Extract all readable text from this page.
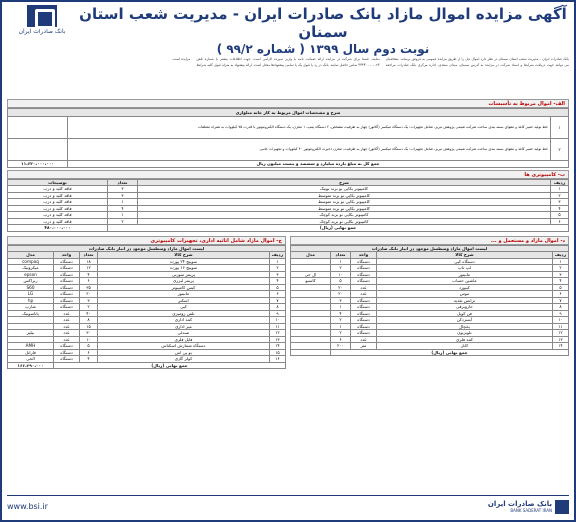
آگهی مزایده اموال مازاد بانک صادرات ایران - مدیریت شعب استان سمنان
نوبت دوم سال ۱۳۹۹ ( شماره ۹۹/۲ )
بانک صادرات ایران
بانک صادرات ایران - مدیریت شعب استان سمنان در نظر دارد اموال ذیل را از طریق مزایده عمومی به فروش برساند. متقاضیان می توانند جهت دریافت شرایط و اسناد شرکت در مزایده به آدرس سمنان، میدان سعدی، اداره مرکزی بانک صادرات مراجعه نمایند. ضمنا برای شرکت در مزایده ارائه ضمانت نامه یا واریز سپرده الزامی است. جهت اطلاعات بیشتر با شماره تلفن ۰۲۳-۳۳۴۴۰۰۰۰ تماس حاصل نمایند. بانک در رد یا قبول یک یا تمامی پیشنهادها مختار است. ارائه پیشنهاد به منزله قبول کلیه شرایط مزایده است.
الف- اموال مربوط به تأسیسات
شرح و مشخصات اموال مربوط به کار خانه متلوازی		
۱	خط تولید خمیر کاغذ و مقوای بسته بندی ساخت شرکت شیمی پژوهش تبریز، شامل تجهیزات: یک دستگاه میکسر (آکاتور) چهار به ظرفیت مشخص، ۲ دستگاه پمپ، ۱ مخزن، یک دستگاه الکتروموتور با قدرت ۷۵ کیلووات به همراه متعلقات	
۲	خط تولید خمیر کاغذ و مقوای بسته بندی ساخت شرکت شیمی پژوهش تبریز، شامل تجهیزات: یک دستگاه میکسر (آکاتور) چهار به ظرفیت، مخزن ذخیره، الکتروموتور ۴۰ کیلووات و تجهیزات جانبی	
جمع کل به مبلغ یازده میلیارد و ششصد و بیست میلیون ریال		۱۱،۶۲۰،۰۰۰،۰۰۰
ب- کامپیوتری ها
ردیف	شرح	تعداد	توضیحات
۱	کامپیوتر بکاپی نو برند نوبیک	۳	فاقد کلید و درب
۲	کامپیوتر بکاپی نو برند متوسط	۳	فاقد کلید و درب
۳	کامپیوتر بکاپی نو برند متوسط	۱	فاقد کلید و درب
۴	کامپیوتر بکاپی نو برند متوسط	۴	فاقد کلید و درب
۵	کامپیوتر بکاپی نو برند کوچک	۱	فاقد کلید و درب
۶	کامپیوتر بکاپی نو برند کوچک	۲	فاقد کلید و درب
جمع نهایی (ریال)			۴۸۰،۰۰۰،۰۰۰
د- اموال مازاد و مستعمل و ...
لیست اموال مازاد وسطسل موجود در انبار بانک صادرات				
ردیف	شرح کالا	واحد	تعداد	مدل
۱	دستگاه کپی	دستگاه	۱	
۲	لپ تاپ	دستگاه	۲	
۳	مانیتور	دستگاه	۱۰	ال جی
۴	ماشین حساب	دستگاه	۵	کاسیو
۵	کیبورد	عدد	۲۰	
۶	موس	عدد	۲۰	
۷	ترانس تغذیه	دستگاه	۳	
۸	جاروبرقی	دستگاه	۱	
۹	فن کویل	دستگاه	۴	
۱۰	آبسردکن	دستگاه	۲	
۱۱	یخچال	دستگاه	۱	
۱۲	تلویزیون	دستگاه	۲	
۱۳	کمد فلزی	عدد	۶	
۱۴	کابل	متر	۲۰۰	
جمع نهایی (ریال)				
ج- اموال مازاد شامل اثاثیه اداری، تجهیزات کامپیوتری
لیست اموال مازاد وسطسل موجود در انبار بانک صادرات				
ردیف	شرح کالا	تعداد	واحد	مدل
۱	سوییچ ۲۴ پورت	۱۸	دستگاه	compaq
۲	سوییچ ۱۶ پورت	۱۲	دستگاه	میکروتیک
۳	پرینتر سوزنی	۴	دستگاه	epson
۴	پرینتر لیزری	۶	دستگاه	زیراکس
۵	کیس کامپیوتر	۳۵	دستگاه	S60
۶	مانیتور	۲۰	دستگاه	LG
۷	اسکنر	۳	دستگاه	hp
۸	کپی	۲	دستگاه	شارپ
۹	تلفن رومیزی	۴۰	عدد	پاناسونیک
۱۰	کمد اداری	۸	عدد	
۱۱	میز اداری	۱۵	عدد	
۱۲	صندلی	۳۰	عدد	نیلپر
۱۳	فایل فلزی	۱۰	عدد	
۱۴	دستگاه شمارش اسکناس	۵	دستگاه	AMH
۱۵	یو پی اس	۶	دستگاه	فاراتل
۱۶	کولر گازی	۴	دستگاه	الجی
جمع نهایی (ریال)				۱۶۶،۶۹۰،۰۰۰
www.bsi.ir	بانک صادرات ایران
BANK SADERAT IRAN
